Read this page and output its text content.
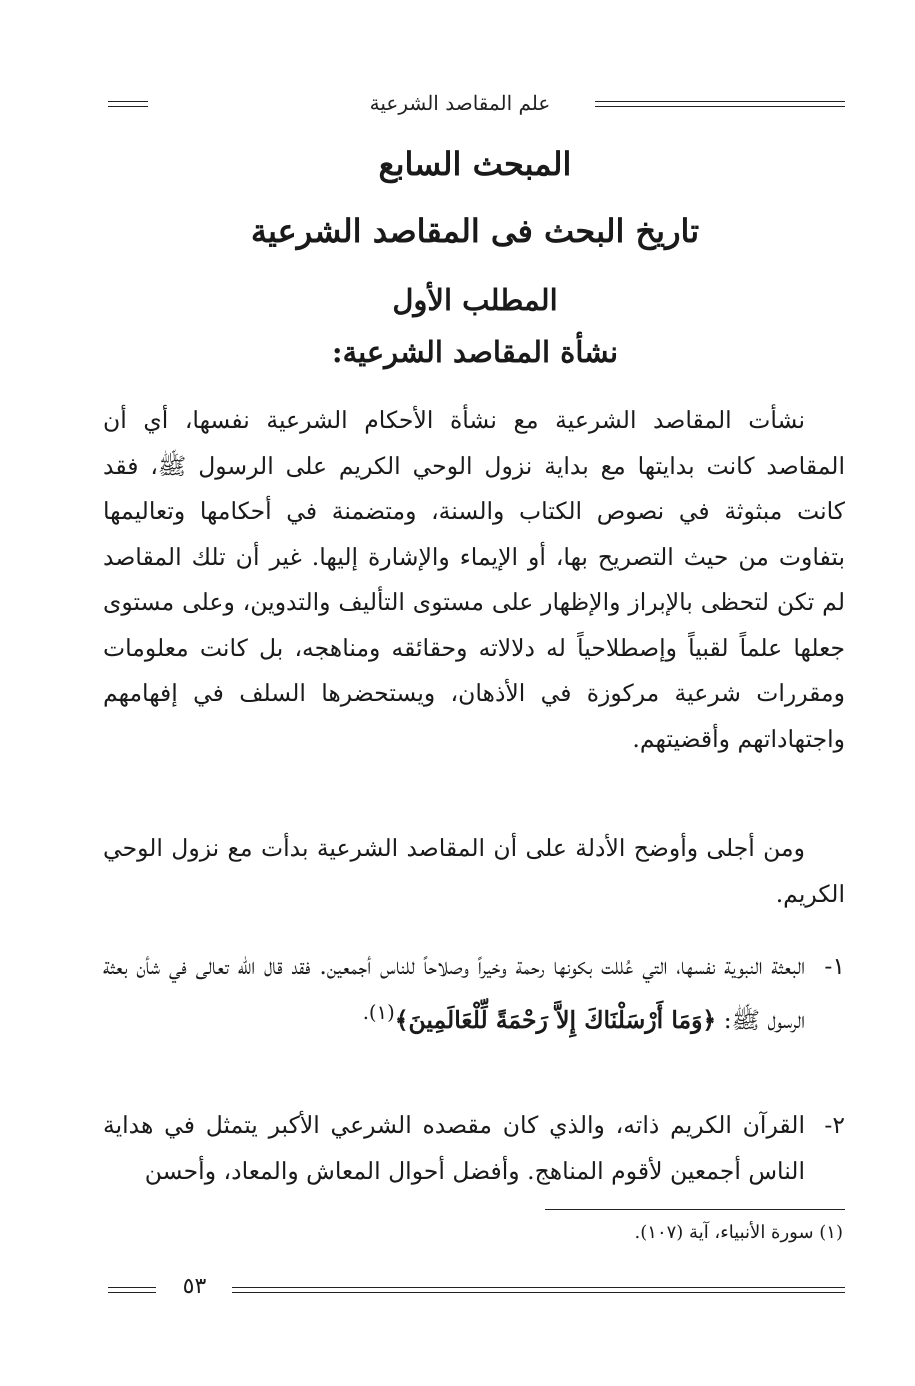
علم المقاصد الشرعية
المبحث السابع
تاريخ البحث فى المقاصد الشرعية
المطلب الأول
نشأة المقاصد الشرعية:
نشأت المقاصد الشرعية مع نشأة الأحكام الشرعية نفسها، أي أن المقاصد كانت بدايتها مع بداية نزول الوحي الكريم على الرسول ﷺ، فقد كانت مبثوثة في نصوص الكتاب والسنة، ومتضمنة في أحكامها وتعاليمها بتفاوت من حيث التصريح بها، أو الإيماء والإشارة إليها. غير أن تلك المقاصد لم تكن لتحظى بالإبراز والإظهار على مستوى التأليف والتدوين، وعلى مستوى جعلها علماً لقبياً وإصطلاحياً له دلالاته وحقائقه ومناهجه، بل كانت معلومات ومقررات شرعية مركوزة في الأذهان، ويستحضرها السلف في إفهامهم واجتهاداتهم وأقضيتهم.
ومن أجلى وأوضح الأدلة على أن المقاصد الشرعية بدأت مع نزول الوحي الكريم.
١-
البعثة النبوية نفسها، التي عُللت بكونها رحمة وخيراً وصلاحاً للناس أجمعين. فقد قال الله تعالى في شأن بعثة الرسول ﷺ: ﴿وَمَا أَرْسَلْنَاكَ إِلاَّ رَحْمَةً لِّلْعَالَمِينَ﴾$^{(١).}$
٢-
القرآن الكريم ذاته، والذي كان مقصده الشرعي الأكبر يتمثل في هداية الناس أجمعين لأقوم المناهج. وأفضل أحوال المعاش والمعاد، وأحسن
(١) سورة الأنبياء، آية (١٠٧).
٥٣
